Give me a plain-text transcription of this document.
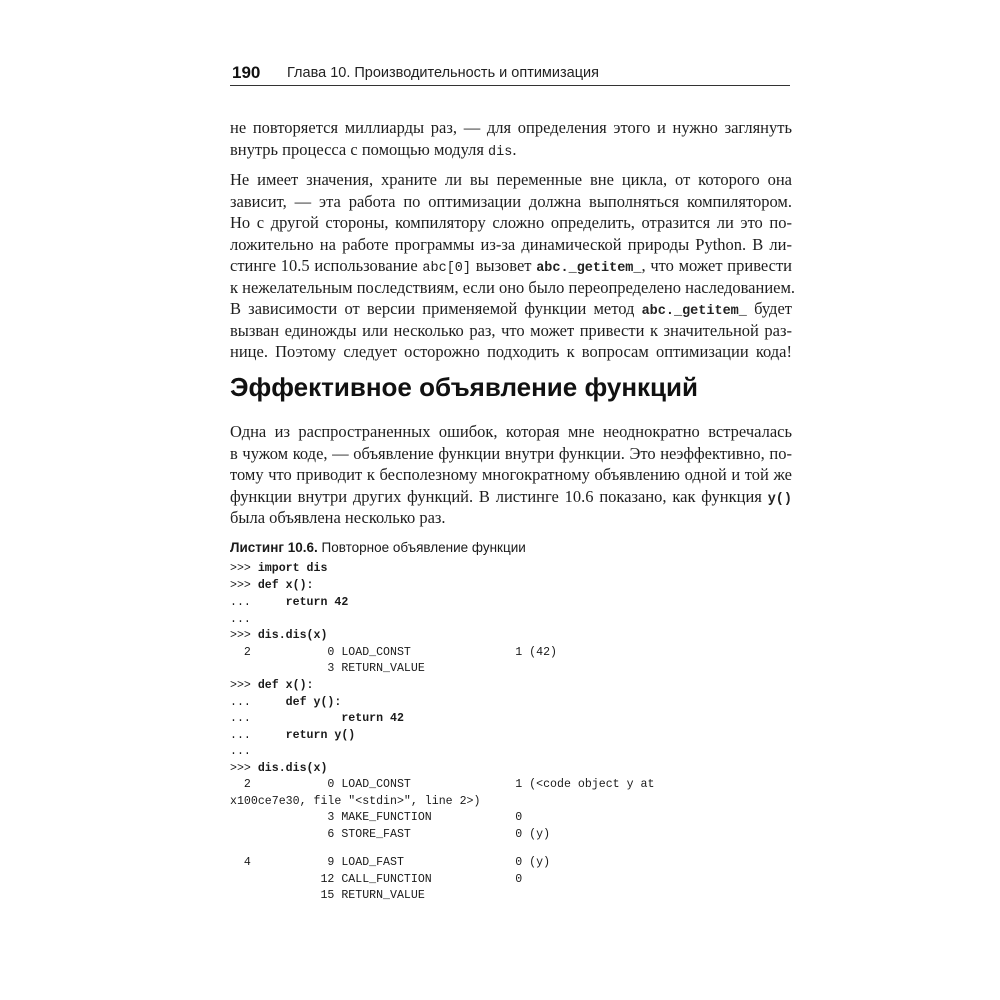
190 Глава 10. Производительность и оптимизация
не повторяется миллиарды раз, — для определения этого и нужно заглянуть
внутрь процесса с помощью модуля dis.
Не имеет значения, храните ли вы переменные вне цикла, от которого она
зависит, — эта работа по оптимизации должна выполняться компилятором.
Но с другой стороны, компилятору сложно определить, отразится ли это по-
ложительно на работе программы из-за динамической природы Python. В ли-
стинге 10.5 использование abc[0] вызовет abc._getitem_, что может привести
к нежелательным последствиям, если оно было переопределено наследованием.
В зависимости от версии применяемой функции метод abc._getitem_ будет
вызван единожды или несколько раз, что может привести к значительной раз-
нице. Поэтому следует осторожно подходить к вопросам оптимизации кода!
Эффективное объявление функций
Одна из распространенных ошибок, которая мне неоднократно встречалась
в чужом коде, — объявление функции внутри функции. Это неэффективно, по-
тому что приводит к бесполезному многократному объявлению одной и той же
функции внутри других функций. В листинге 10.6 показано, как функция y()
была объявлена несколько раз.
Листинг 10.6. Повторное объявление функции
>>> import dis
>>> def x():
...     return 42
...
>>> dis.dis(x)
2           0 LOAD_CONST               1 (42)
3 RETURN_VALUE
>>> def x():
...     def y():
...             return 42
...     return y()
...
>>> dis.dis(x)
2           0 LOAD_CONST               1 (<code object y at
x100ce7e30, file "<stdin>", line 2>)
3 MAKE_FUNCTION            0
6 STORE_FAST               0 (y)
4           9 LOAD_FAST                0 (y)
12 CALL_FUNCTION            0
15 RETURN_VALUE
